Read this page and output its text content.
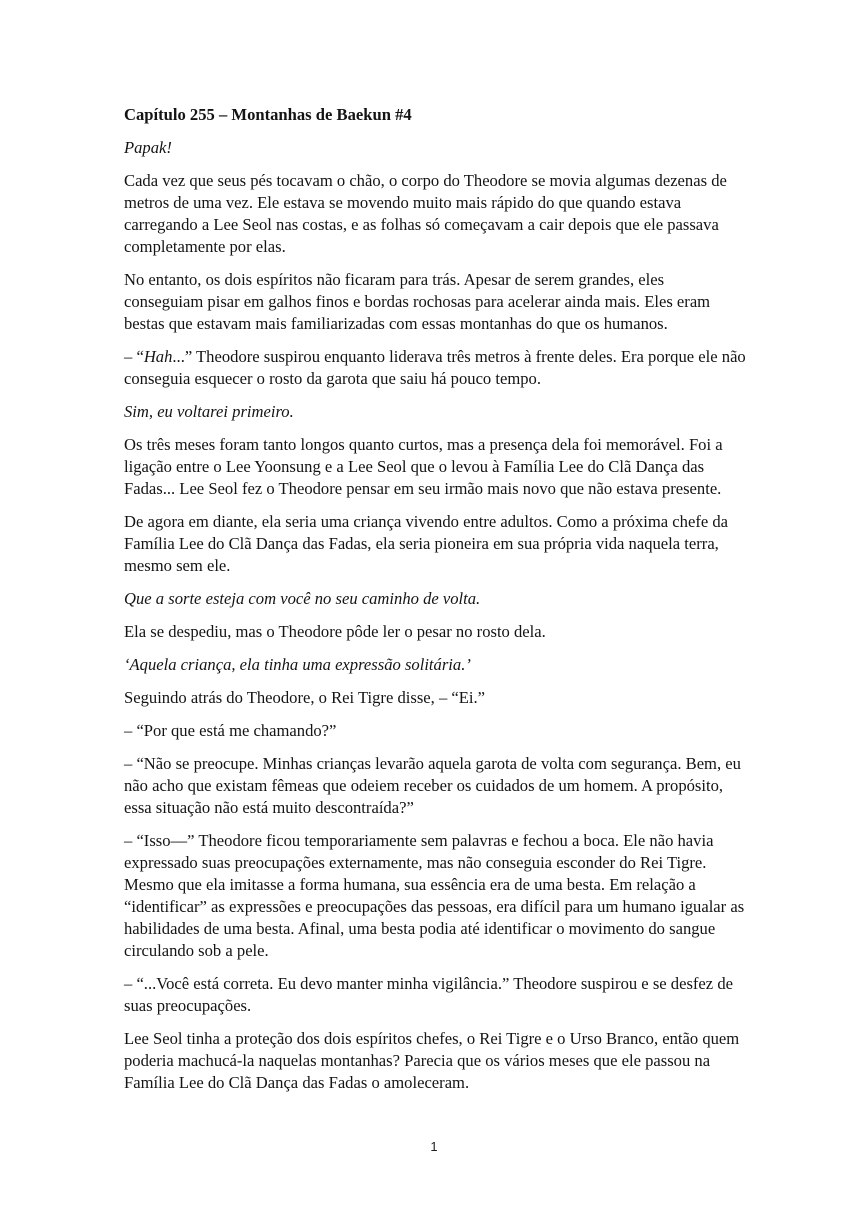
Capítulo 255 – Montanhas de Baekun #4

Papak!

Cada vez que seus pés tocavam o chão, o corpo do Theodore se movia algumas dezenas de metros de uma vez. Ele estava se movendo muito mais rápido do que quando estava carregando a Lee Seol nas costas, e as folhas só começavam a cair depois que ele passava completamente por elas.

No entanto, os dois espíritos não ficaram para trás. Apesar de serem grandes, eles conseguiam pisar em galhos finos e bordas rochosas para acelerar ainda mais. Eles eram bestas que estavam mais familiarizadas com essas montanhas do que os humanos.

– “Hah...” Theodore suspirou enquanto liderava três metros à frente deles. Era porque ele não conseguia esquecer o rosto da garota que saiu há pouco tempo.

Sim, eu voltarei primeiro.

Os três meses foram tanto longos quanto curtos, mas a presença dela foi memorável. Foi a ligação entre o Lee Yoonsung e a Lee Seol que o levou à Família Lee do Clã Dança das Fadas... Lee Seol fez o Theodore pensar em seu irmão mais novo que não estava presente.

De agora em diante, ela seria uma criança vivendo entre adultos. Como a próxima chefe da Família Lee do Clã Dança das Fadas, ela seria pioneira em sua própria vida naquela terra, mesmo sem ele.

Que a sorte esteja com você no seu caminho de volta.

Ela se despediu, mas o Theodore pôde ler o pesar no rosto dela.

‘Aquela criança, ela tinha uma expressão solitária.’

Seguindo atrás do Theodore, o Rei Tigre disse, – “Ei.”

– “Por que está me chamando?”

– “Não se preocupe. Minhas crianças levarão aquela garota de volta com segurança. Bem, eu não acho que existam fêmeas que odeiem receber os cuidados de um homem. A propósito, essa situação não está muito descontraída?”

– “Isso—” Theodore ficou temporariamente sem palavras e fechou a boca. Ele não havia expressado suas preocupações externamente, mas não conseguia esconder do Rei Tigre. Mesmo que ela imitasse a forma humana, sua essência era de uma besta. Em relação a “identificar” as expressões e preocupações das pessoas, era difícil para um humano igualar as habilidades de uma besta. Afinal, uma besta podia até identificar o movimento do sangue circulando sob a pele.

– “...Você está correta. Eu devo manter minha vigilância.” Theodore suspirou e se desfez de suas preocupações.

Lee Seol tinha a proteção dos dois espíritos chefes, o Rei Tigre e o Urso Branco, então quem poderia machucá-la naquelas montanhas? Parecia que os vários meses que ele passou na Família Lee do Clã Dança das Fadas o amoleceram.

1
